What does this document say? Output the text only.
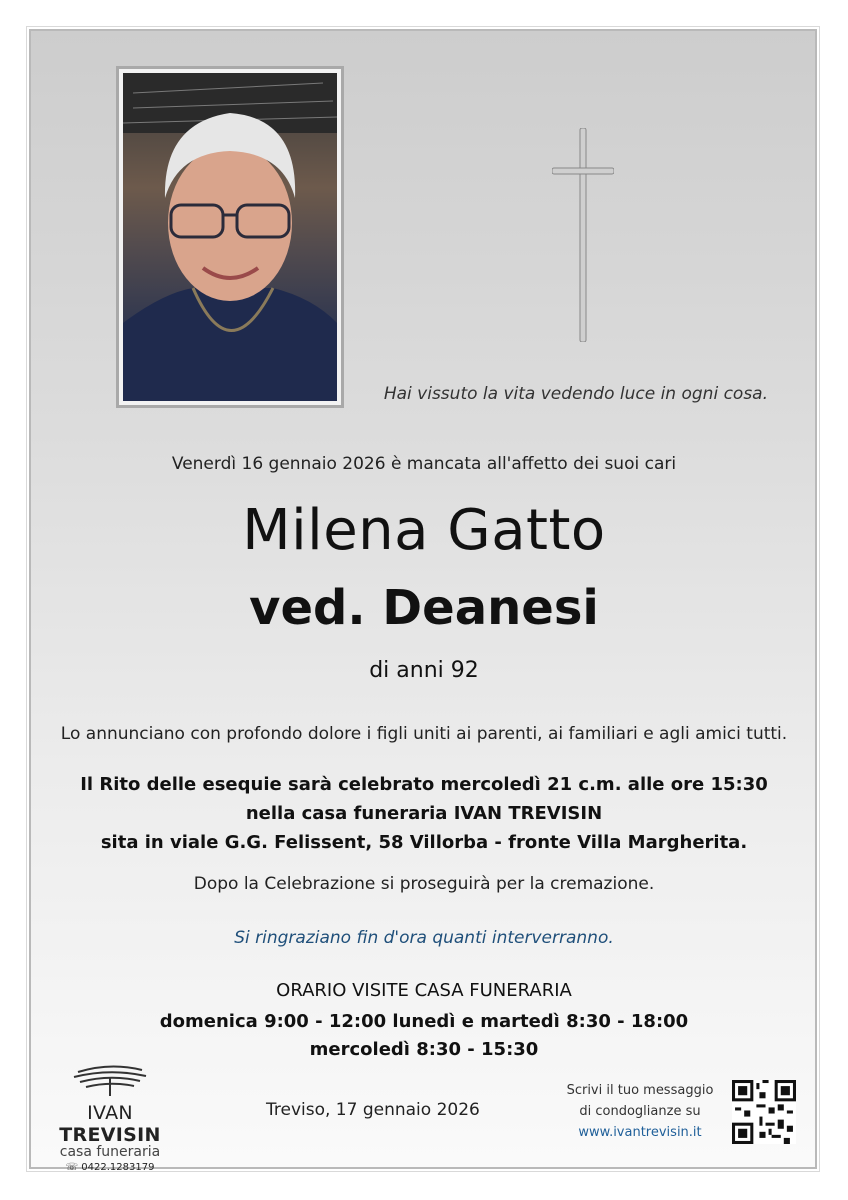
Hai vissuto la vita vedendo luce in ogni cosa.
Venerdì 16 gennaio 2026 è mancata all'affetto dei suoi cari
Milena Gatto
ved. Deanesi
di anni 92
Lo annunciano con profondo dolore i figli uniti ai parenti, ai familiari e agli amici tutti.
Il Rito delle esequie sarà celebrato mercoledì 21 c.m. alle ore 15:30
nella casa funeraria IVAN TREVISIN
sita in viale G.G. Felissent, 58 Villorba - fronte Villa Margherita.
Dopo la Celebrazione si proseguirà per la cremazione.
Si ringraziano fin d'ora quanti interverranno.
ORARIO VISITE CASA FUNERARIA
domenica 9:00 - 12:00 lunedì e martedì 8:30 - 18:00
mercoledì 8:30 - 15:30
IVAN TREVISIN
casa funeraria
☏ 0422.1283179
Treviso, 17 gennaio 2026
Scrivi il tuo messaggio
di condoglianze su
www.ivantrevisin.it
